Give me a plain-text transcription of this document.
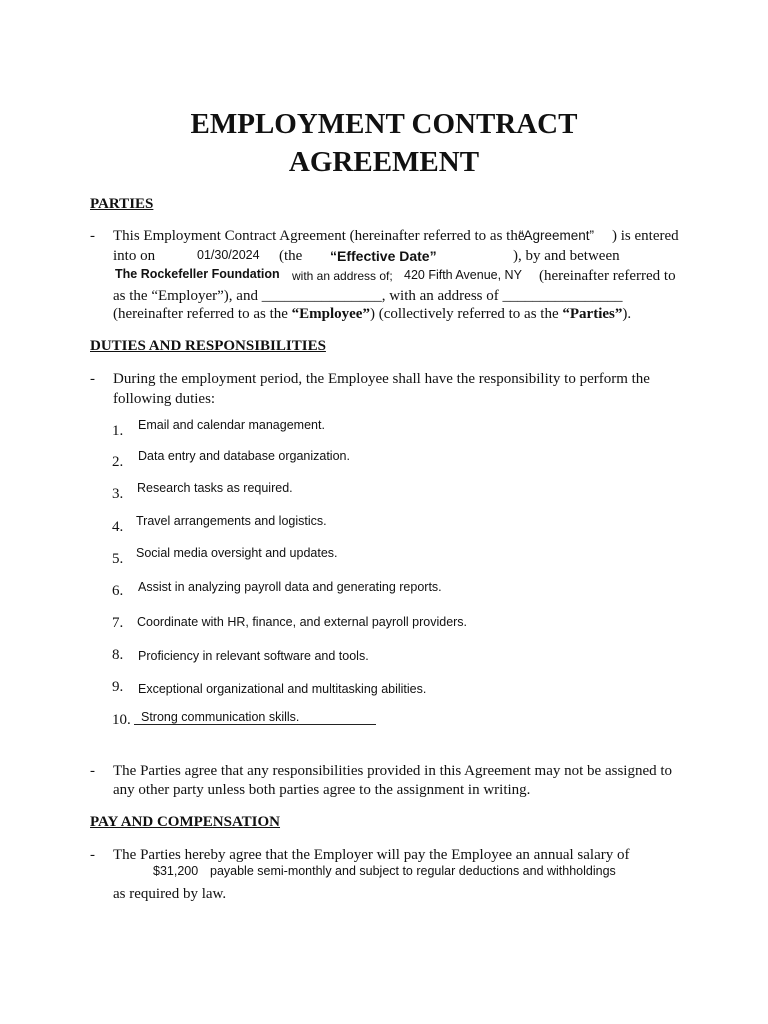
EMPLOYMENT CONTRACT
AGREEMENT
PARTIES
- This Employment Contract Agreement (hereinafter referred to as the
“Agreement” ) is entered
into on	01/30/2024 (the “Effective Date”	), by and between
The Rockefeller Foundation with an address of; 420 Fifth Avenue, NY (hereinafter referred to
as the “Employer”), and ________________, with an address of ________________
(hereinafter referred to as the “Employee”) (collectively referred to as the “Parties”).
DUTIES AND RESPONSIBILITIES
- During the employment period, the Employee shall have the responsibility to perform the
following duties:
1. Email and calendar management.
2. Data entry and database organization.
3. Research tasks as required.
4. Travel arrangements and logistics.
5. Social media oversight and updates.
6. Assist in analyzing payroll data and generating reports.
7. Coordinate with HR, finance, and external payroll providers.
8. Proficiency in relevant software and tools.
9. Exceptional organizational and multitasking abilities.
10. Strong communication skills.
- The Parties agree that any responsibilities provided in this Agreement may not be assigned to
any other party unless both parties agree to the assignment in writing.
PAY AND COMPENSATION
- The Parties hereby agree that the Employer will pay the Employee an annual salary of
$31,200 payable semi-monthly and subject to regular deductions and withholdings
as required by law.
